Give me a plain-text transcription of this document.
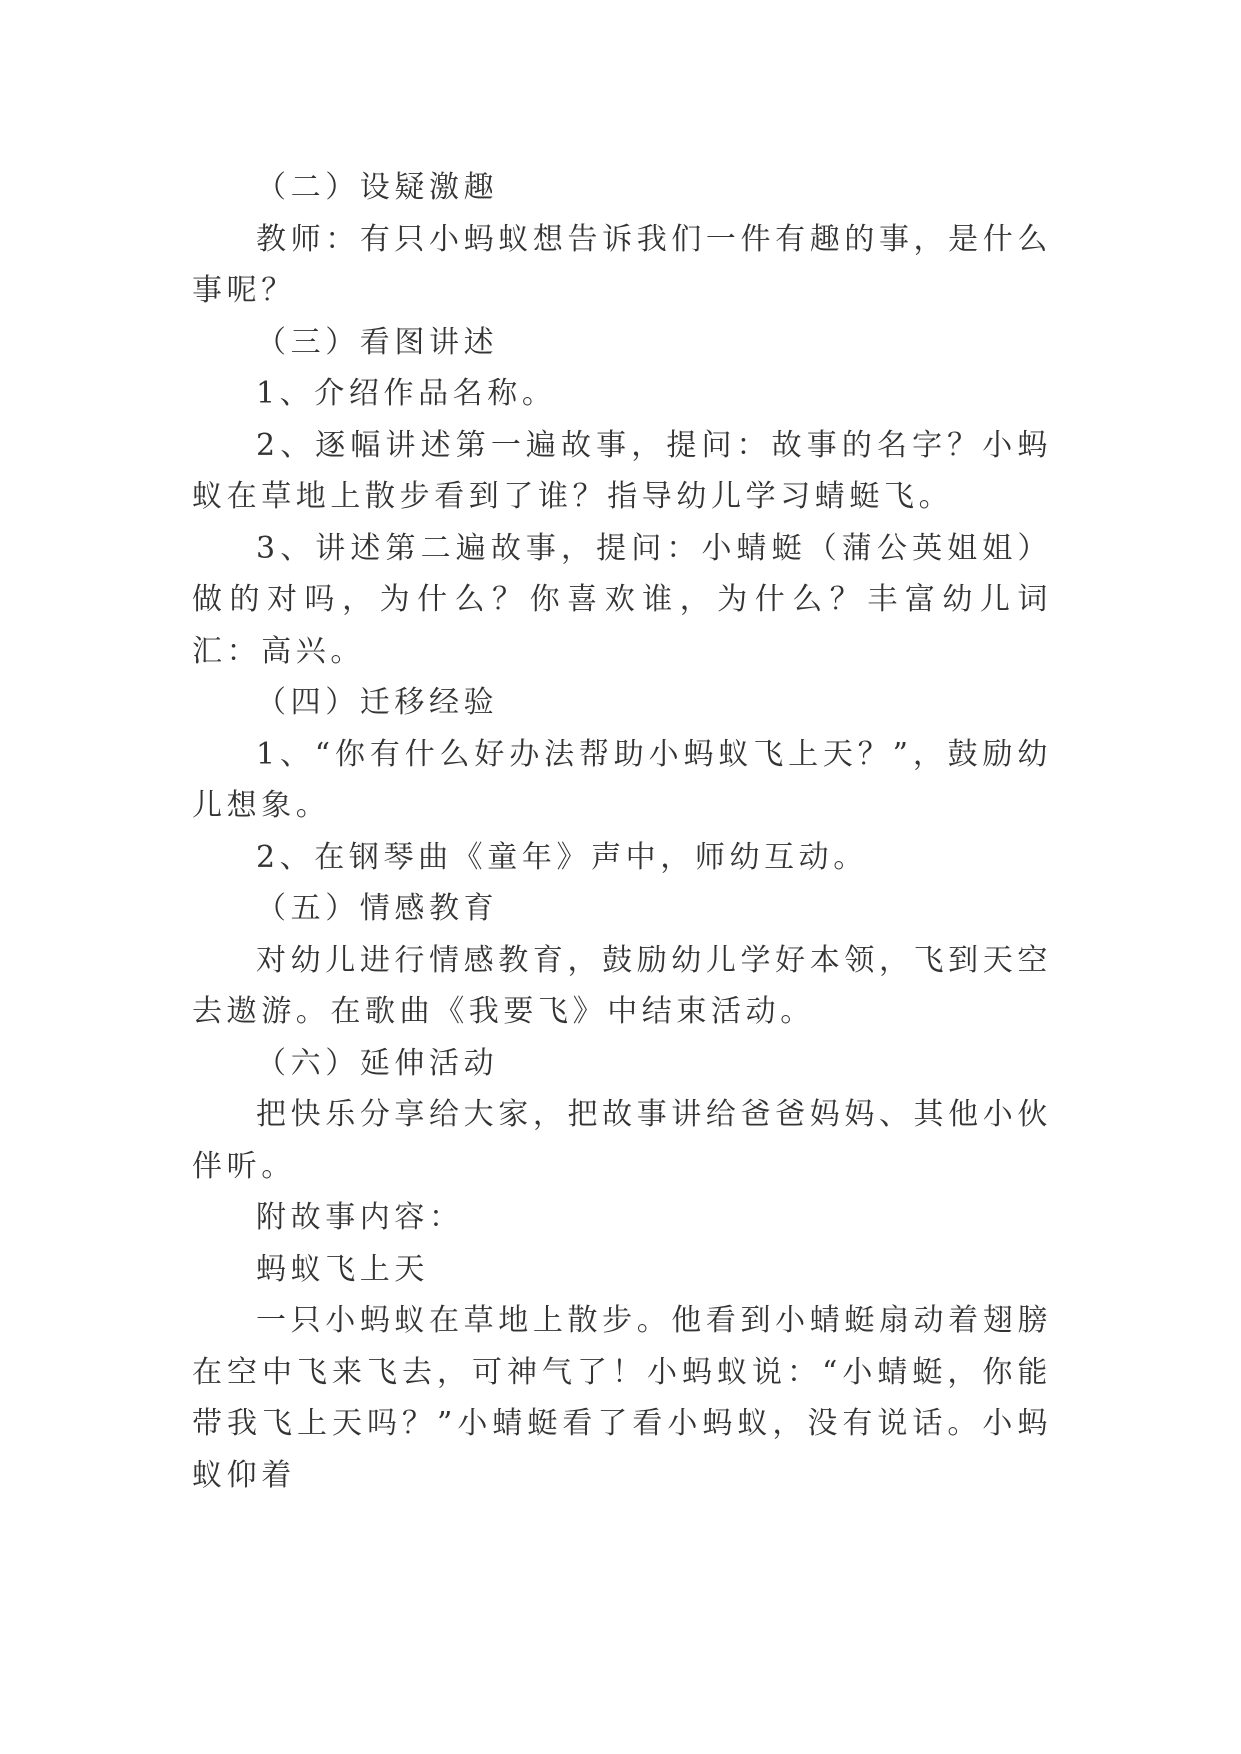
（二）设疑激趣

教师：有只小蚂蚁想告诉我们一件有趣的事，是什么事呢？

（三）看图讲述

1、介绍作品名称。

2、逐幅讲述第一遍故事，提问：故事的名字？小蚂蚁在草地上散步看到了谁？指导幼儿学习蜻蜓飞。

3、讲述第二遍故事，提问：小蜻蜓（蒲公英姐姐）做的对吗，为什么？你喜欢谁，为什么？丰富幼儿词汇：高兴。

（四）迁移经验

1、“你有什么好办法帮助小蚂蚁飞上天？”，鼓励幼儿想象。

2、在钢琴曲《童年》声中，师幼互动。

（五）情感教育

对幼儿进行情感教育，鼓励幼儿学好本领，飞到天空去遨游。在歌曲《我要飞》中结束活动。

（六）延伸活动

把快乐分享给大家，把故事讲给爸爸妈妈、其他小伙伴听。

附故事内容：

蚂蚁飞上天

一只小蚂蚁在草地上散步。他看到小蜻蜓扇动着翅膀在空中飞来飞去，可神气了！小蚂蚁说：“小蜻蜓，你能带我飞上天吗？”小蜻蜓看了看小蚂蚁，没有说话。小蚂蚁仰着
